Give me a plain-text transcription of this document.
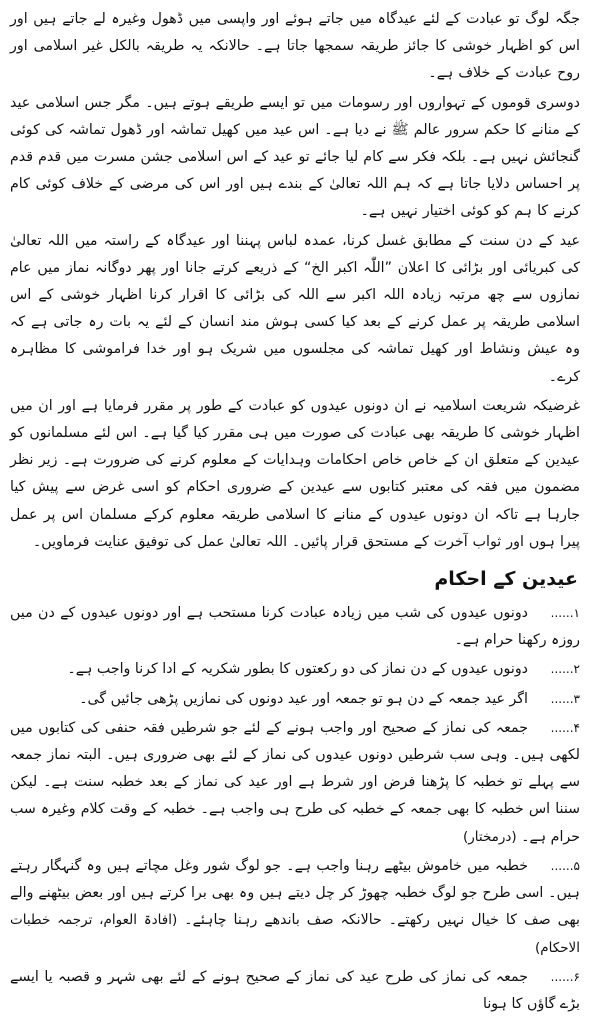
جگہ لوگ تو عبادت کے لئے عیدگاہ میں جاتے ہوئے اور واپسی میں ڈھول وغیرہ لے جاتے ہیں اور اس کو اظہار خوشی کا جائز طریقہ سمجھا جاتا ہے۔ حالانکہ یہ طریقہ بالکل غیر اسلامی اور روح عبادت کے خلاف ہے۔

دوسری قوموں کے تہواروں اور رسومات میں تو ایسے طریقے ہوتے ہیں۔ مگر جس اسلامی عید کے منانے کا حکم سرور عالم ﷺ نے دیا ہے۔ اس عید میں کھیل تماشہ اور ڈھول تماشہ کی کوئی گنجائش نہیں ہے۔ بلکہ فکر سے کام لیا جائے تو عید کے اس اسلامی جشن مسرت میں قدم قدم پر احساس دلایا جاتا ہے کہ ہم اللہ تعالیٰ کے بندے ہیں اور اس کی مرضی کے خلاف کوئی کام کرنے کا ہم کو کوئی اختیار نہیں ہے۔

عید کے دن سنت کے مطابق غسل کرنا، عمدہ لباس پہننا اور عیدگاہ کے راستہ میں اللہ تعالیٰ کی کبریائی اور بڑائی کا اعلان ”اللّٰہ اکبر الخ“ کے ذریعے کرتے جانا اور پھر دوگانہ نماز میں عام نمازوں سے چھ مرتبہ زیادہ اللہ اکبر سے اللہ کی بڑائی کا اقرار کرنا اظہار خوشی کے اس اسلامی طریقہ پر عمل کرنے کے بعد کیا کسی ہوش مند انسان کے لئے یہ بات رہ جاتی ہے کہ وہ عیش ونشاط اور کھیل تماشہ کی مجلسوں میں شریک ہو اور خدا فراموشی کا مظاہرہ کرے۔

غرضیکہ شریعت اسلامیہ نے ان دونوں عیدوں کو عبادت کے طور پر مقرر فرمایا ہے اور ان میں اظہار خوشی کا طریقہ بھی عبادت کی صورت میں ہی مقرر کیا گیا ہے۔ اس لئے مسلمانوں کو عیدین کے متعلق ان کے خاص خاص احکامات وہدایات کے معلوم کرنے کی ضرورت ہے۔ زیر نظر مضمون میں فقہ کی معتبر کتابوں سے عیدین کے ضروری احکام کو اسی غرض سے پیش کیا جارہا ہے تاکہ ان دونوں عیدوں کے منانے کا اسلامی طریقہ معلوم کرکے مسلمان اس پر عمل پیرا ہوں اور ثواب آخرت کے مستحق قرار پائیں۔ اللہ تعالیٰ عمل کی توفیق عنایت فرماویں۔

عیدین کے احکام

۱......دونوں عیدوں کی شب میں زیادہ عبادت کرنا مستحب ہے اور دونوں عیدوں کے دن میں روزہ رکھنا حرام ہے۔

۲......دونوں عیدوں کے دن نماز کی دو رکعتوں کا بطور شکریہ کے ادا کرنا واجب ہے۔

۳......اگر عید جمعہ کے دن ہو تو جمعہ اور عید دونوں کی نمازیں پڑھی جائیں گی۔

۴......جمعہ کی نماز کے صحیح اور واجب ہونے کے لئے جو شرطیں فقہ حنفی کی کتابوں میں لکھی ہیں۔ وہی سب شرطیں دونوں عیدوں کی نماز کے لئے بھی ضروری ہیں۔ البتہ نماز جمعہ سے پہلے تو خطبہ کا پڑھنا فرض اور شرط ہے اور عید کی نماز کے بعد خطبہ سنت ہے۔ لیکن سننا اس خطبہ کا بھی جمعہ کے خطبہ کی طرح ہی واجب ہے۔ خطبہ کے وقت کلام وغیرہ سب حرام ہے۔ (درمختار)

۵......خطبہ میں خاموش بیٹھے رہنا واجب ہے۔ جو لوگ شور وغل مچاتے ہیں وہ گنہگار رہتے ہیں۔ اسی طرح جو لوگ خطبہ چھوڑ کر چل دیتے ہیں وہ بھی برا کرتے ہیں اور بعض بیٹھنے والے بھی صف کا خیال نہیں رکھتے۔ حالانکہ صف باندھے رہنا چاہئے۔ (افادۃ العوام، ترجمہ خطبات الاحکام)

۶......جمعہ کی نماز کی طرح عید کی نماز کے صحیح ہونے کے لئے بھی شہر و قصبہ یا ایسے بڑے گاؤں کا ہونا
